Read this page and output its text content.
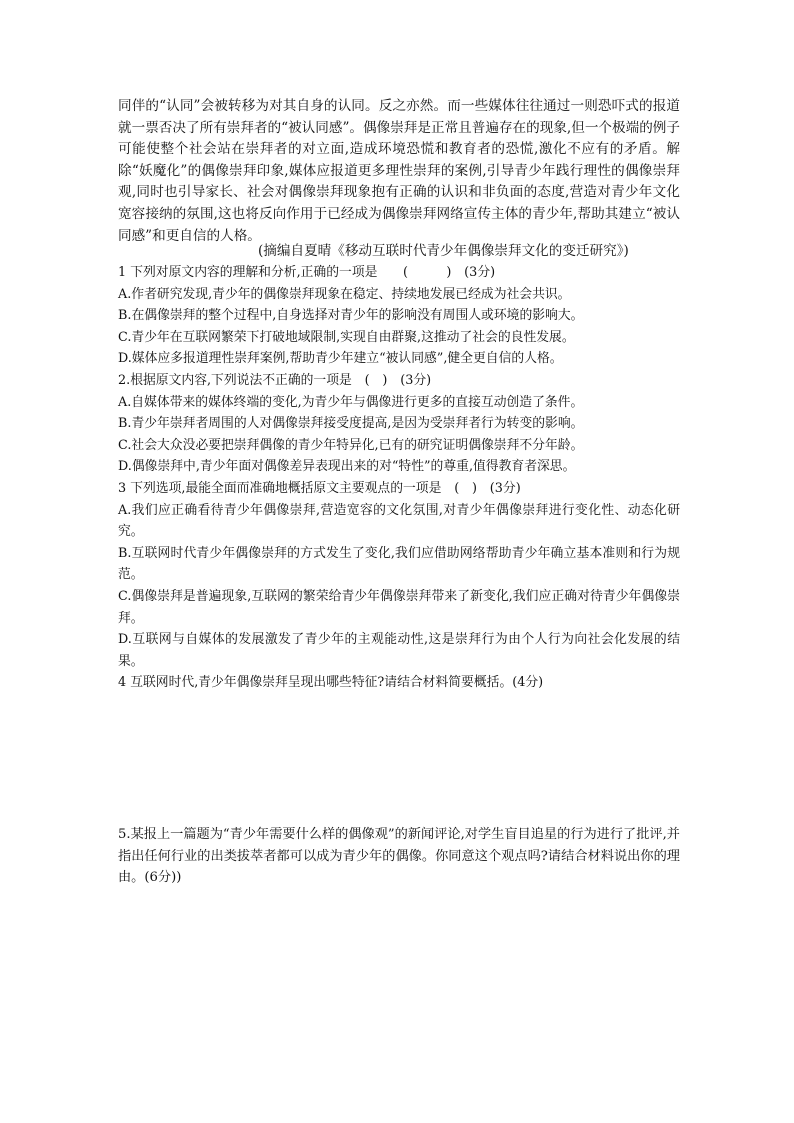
同伴的“认同”会被转移为对其自身的认同。反之亦然。而一些媒体往往通过一则恐吓式的报道就一票否决了所有崇拜者的“被认同感”。偶像崇拜是正常且普遍存在的现象,但一个极端的例子可能使整个社会站在崇拜者的对立面,造成环境恐慌和教育者的恐慌,激化不应有的矛盾。解除“妖魔化”的偶像崇拜印象,媒体应报道更多理性崇拜的案例,引导青少年践行理性的偶像崇拜观,同时也引导家长、社会对偶像崇拜现象抱有正确的认识和非负面的态度,营造对青少年文化宽容接纳的氛围,这也将反向作用于已经成为偶像崇拜网络宣传主体的青少年,帮助其建立“被认同感”和更自信的人格。

(摘编自夏晴《移动互联时代青少年偶像崇拜文化的变迁研究》)
1 下列对原文内容的理解和分析,正确的一项是　　(　　　)　(3分)
A.作者研究发现,青少年的偶像崇拜现象在稳定、持续地发展已经成为社会共识。
B.在偶像崇拜的整个过程中,自身选择对青少年的影响没有周围人或环境的影响大。
C.青少年在互联网繁荣下打破地域限制,实现自由群聚,这推动了社会的良性发展。
D.媒体应多报道理性崇拜案例,帮助青少年建立“被认同感”,健全更自信的人格。
2.根据原文内容,下列说法不正确的一项是　(　)　(3分)
A.自媒体带来的媒体终端的变化,为青少年与偶像进行更多的直接互动创造了条件。
B.青少年崇拜者周围的人对偶像崇拜接受度提高,是因为受崇拜者行为转变的影响。
C.社会大众没必要把崇拜偶像的青少年特异化,已有的研究证明偶像崇拜不分年龄。
D.偶像崇拜中,青少年面对偶像差异表现出来的对“特性”的尊重,值得教育者深思。
3 下列选项,最能全面而准确地概括原文主要观点的一项是　(　)　(3分)
A.我们应正确看待青少年偶像崇拜,营造宽容的文化氛围,对青少年偶像崇拜进行变化性、动态化研究。
B.互联网时代青少年偶像崇拜的方式发生了变化,我们应借助网络帮助青少年确立基本准则和行为规范。
C.偶像崇拜是普遍现象,互联网的繁荣给青少年偶像崇拜带来了新变化,我们应正确对待青少年偶像崇拜。
D.互联网与自媒体的发展激发了青少年的主观能动性,这是崇拜行为由个人行为向社会化发展的结果。
4 互联网时代,青少年偶像崇拜呈现出哪些特征?请结合材料简要概括。(4分)
5.某报上一篇题为“青少年需要什么样的偶像观”的新闻评论,对学生盲目追星的行为进行了批评,并指出任何行业的出类拔萃者都可以成为青少年的偶像。你同意这个观点吗?请结合材料说出你的理由。(6分))
